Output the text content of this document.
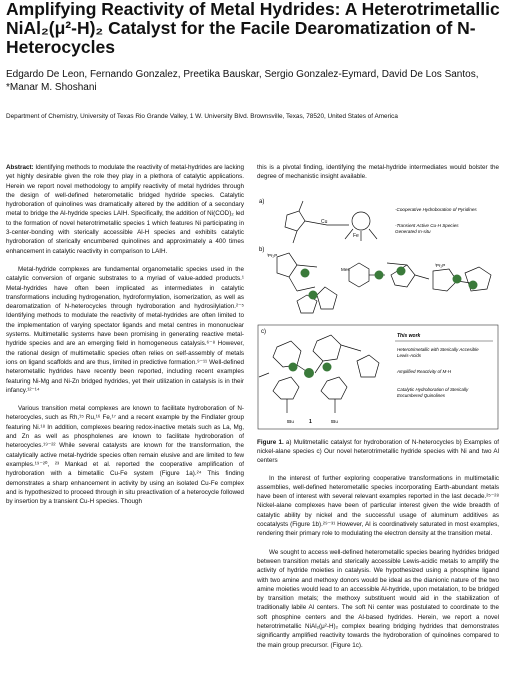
Amplifying Reactivity of Metal Hydrides: A Heterotrimetallic NiAl₂(μ²-H)₂ Catalyst for the Facile Dearomatization of N-Heterocycles

Edgardo De Leon, Fernando Gonzalez, Preetika Bauskar, Sergio Gonzalez-Eymard, David De Los Santos, *Manar M. Shoshani

Department of Chemistry, University of Texas Rio Grande Valley, 1 W. University Blvd. Brownsville, Texas, 78520, United States of America

Abstract: Identifying methods to modulate the reactivity of metal-hydrides are lacking yet highly desirable given the role they play in a plethora of catalytic applications. Herein we report novel methodology to amplify reactivity of metal hydrides through the design of well-defined heterometallic bridged hydride species. Catalytic hydroboration of quinolines was dramatically altered by the addition of a secondary metal to bridge the Al-hydride species LAIH. Specifically, the addition of Ni(COD)₂ led to the formation of novel heterotrimetallic species 1 which features Ni participating in 3-center-bonding with sterically accessible Al-H species and exhibits catalytic hydroboration of sterically encumbered quinolines and approximately a 400 times enhancement in catalytic reactivity in comparison to LAIH.

Metal-hydride complexes are fundamental organometallic species used in the catalytic conversion of organic substrates to a myriad of value-added products.¹ Metal-hydrides have often been implicated as intermediates in catalytic transformations including hydrogenation, hydroformylation, isomerization, as well as dearomatization of N-heterocycles through hydroboration and hydrosilylation.²⁻⁵ Identifying methods to modulate the reactivity of metal-hydrides are often limited to the implementation of varying spectator ligands and metal centres in mononuclear systems. Multimetallic systems have been promising in generating reactive metal-hydride species and are an emerging field in homogeneous catalysis.⁶⁻⁸ However, the rational design of multimetallic species often relies on self-assembly of metals ions on ligand scaffolds and are thus, limited in predictive formation.⁹⁻¹¹ Well-defined heterometallic hydrides have recently been reported, including recent examples featuring Ni-Mg and Ni-Zn bridged hydrides, yet their utilization in catalysis is in their infancy.¹²⁻¹⁴

Various transition metal complexes are known to facilitate hydroboration of N-heterocycles, such as Rh,¹⁵ Ru,¹⁶ Fe,¹⁷ and a recent example by the Findlater group featuring Ni.¹⁸ In addition, complexes bearing redox-inactive metals such as La, Mg, and Zn as well as phospholenes are known to facilitate hydroboration of heterocycles.¹⁹⁻²² While several catalysts are known for the transformation, the catalytically active metal-hydride species often remain elusive and are limited to few examples.¹⁹⁻²⁰, ²³ Mankad et al. reported the cooperative amplification of hydroboration with a bimetallic Cu-Fe system (Figure 1a).²⁴ This finding demonstrates a sharp enhancement in activity by using an isolated Cu-Fe complex and is hypothesized to proceed through in situ preactivation of a heterocycle followed by insertion by a transient Cu-H species. Though

this is a pivotal finding, identifying the metal-hydride intermediates would bolster the degree of mechanistic insight available.

a)
Cu
Fe
-Cooperative Hydroboration of Pyridines
-Transient Active Cu-H Species Generated In-situ
b)
ⁱPr₂P
Mes
ⁱPr₂P
c)
tBu	1	tBu
This work
Heterotrimetallic with Sterically Accesible Lewis-Acids
Amplified Reactivity of M-H
Catalytic Hydroboration of Sterically Encumbered Quinolines

Figure 1. a) Mulitmetallic catalyst for hydroboration of N-heterocycles b) Examples of nickel-alane species c) Our novel heterotrimetallic hydride species with Ni and two Al centers

In the interest of further exploring cooperative transformations in multimetallic assemblies, well-defined heterometallic species incorporating Earth-abundant metals have been of interest with several relevant examples reported in the last decade.²⁵⁻²⁸ Nickel-alane complexes have been of particular interest given the wide breadth of catalytic ability by nickel and the successful usage of aluminum additives as cocatalysts (Figure 1b).²⁹⁻³¹ However, Al is coordinatively saturated in most examples, rendering their primary role to modulating the electron density at the transition metal.

We sought to access well-defined heterometallic species bearing hydrides bridged between transition metals and sterically accessible Lewis-acidic metals to amplify the activity of hydride moieties in catalysis. We hypothesized using a phosphine ligand with two amine and methoxy donors would be ideal as the dianionic nature of the two amine moieties would lead to an accessible Al-hydride, upon metalation, to be bridged by transition metals; the methoxy substituent would aid in the stabilization of traditionally labile Al centers. The soft Ni center was postulated to coordinate to the soft phosphine centers and the Al-based hydrides. Herein, we report a novel heterotrimetallic NiAl₂(μ²-H)₂ complex bearing bridging hydrides that demonstrates significantly amplified reactivity towards the hydroboration of quinolines compared to the main group precursor. (Figure 1c).
